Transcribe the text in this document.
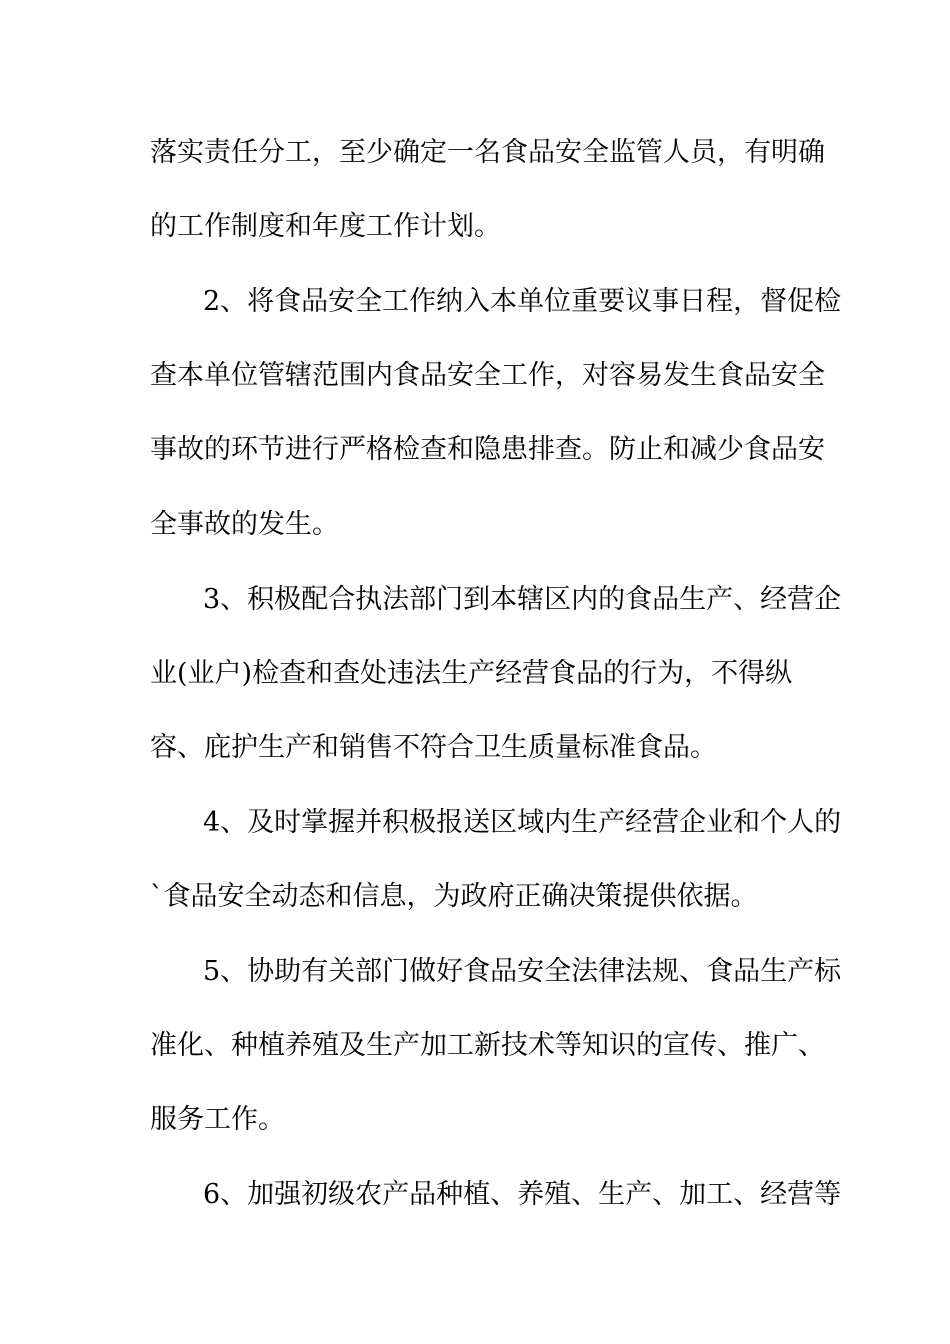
落实责任分工，至少确定一名食品安全监管人员，有明确
的工作制度和年度工作计划。
2、将食品安全工作纳入本单位重要议事日程，督促检
查本单位管辖范围内食品安全工作，对容易发生食品安全
事故的环节进行严格检查和隐患排查。防止和减少食品安
全事故的发生。
3、积极配合执法部门到本辖区内的食品生产、经营企
业(业户)检查和查处违法生产经营食品的行为，不得纵
容、庇护生产和销售不符合卫生质量标准食品。
4、及时掌握并积极报送区域内生产经营企业和个人的
`食品安全动态和信息，为政府正确决策提供依据。
5、协助有关部门做好食品安全法律法规、食品生产标
准化、种植养殖及生产加工新技术等知识的宣传、推广、
服务工作。
6、加强初级农产品种植、养殖、生产、加工、经营等
